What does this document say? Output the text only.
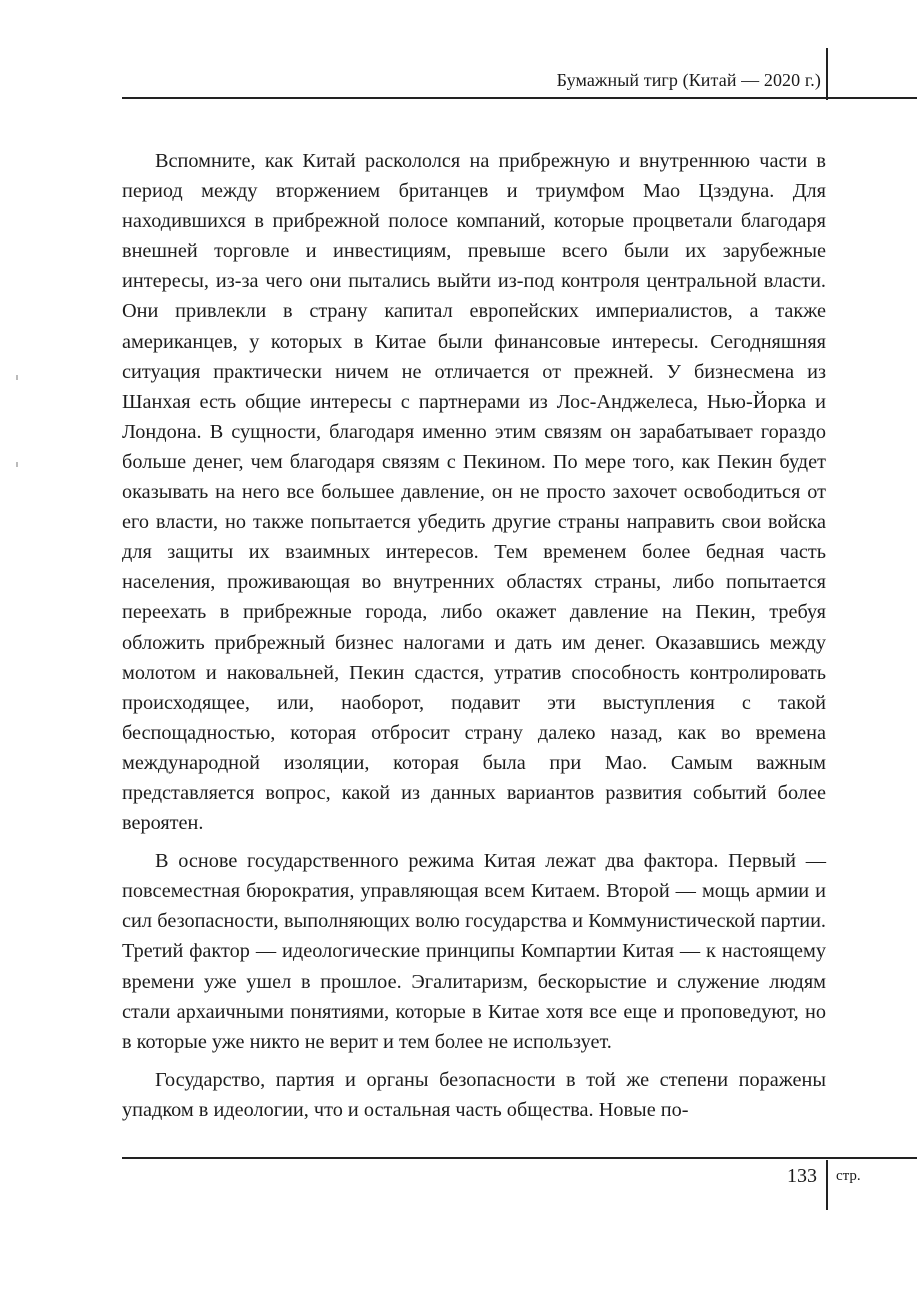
Бумажный тигр (Китай — 2020 г.)

Вспомните, как Китай раскололся на прибрежную и внутреннюю части в период между вторжением британцев и триумфом Мао Цзэдуна. Для находившихся в прибрежной полосе компаний, которые процветали благодаря внешней торговле и инвестициям, превыше всего были их зарубежные интересы, из-за чего они пытались выйти из-под контроля центральной власти. Они привлекли в страну капитал европейских империалистов, а также американцев, у которых в Китае были финансовые интересы. Сегодняшняя ситуация практически ничем не отличается от прежней. У бизнесмена из Шанхая есть общие интересы с партнерами из Лос-Анджелеса, Нью-Йорка и Лондона. В сущности, благодаря именно этим связям он зарабатывает гораздо больше денег, чем благодаря связям с Пекином. По мере того, как Пекин будет оказывать на него все большее давление, он не просто захочет освободиться от его власти, но также попытается убедить другие страны направить свои войска для защиты их взаимных интересов. Тем временем более бедная часть населения, проживающая во внутренних областях страны, либо попытается переехать в прибрежные города, либо окажет давление на Пекин, требуя обложить прибрежный бизнес налогами и дать им денег. Оказавшись между молотом и наковальней, Пекин сдастся, утратив способность контролировать происходящее, или, наоборот, подавит эти выступления с такой беспощадностью, которая отбросит страну далеко назад, как во времена международной изоляции, которая была при Мао. Самым важным представляется вопрос, какой из данных вариантов развития событий более вероятен.

В основе государственного режима Китая лежат два фактора. Первый — повсеместная бюрократия, управляющая всем Китаем. Второй — мощь армии и сил безопасности, выполняющих волю государства и Коммунистической партии. Третий фактор — идеологические принципы Компартии Китая — к настоящему времени уже ушел в прошлое. Эгалитаризм, бескорыстие и служение людям стали архаичными понятиями, которые в Китае хотя все еще и проповедуют, но в которые уже никто не верит и тем более не использует.

Государство, партия и органы безопасности в той же степени поражены упадком в идеологии, что и остальная часть общества. Новые по-

133 стр.
